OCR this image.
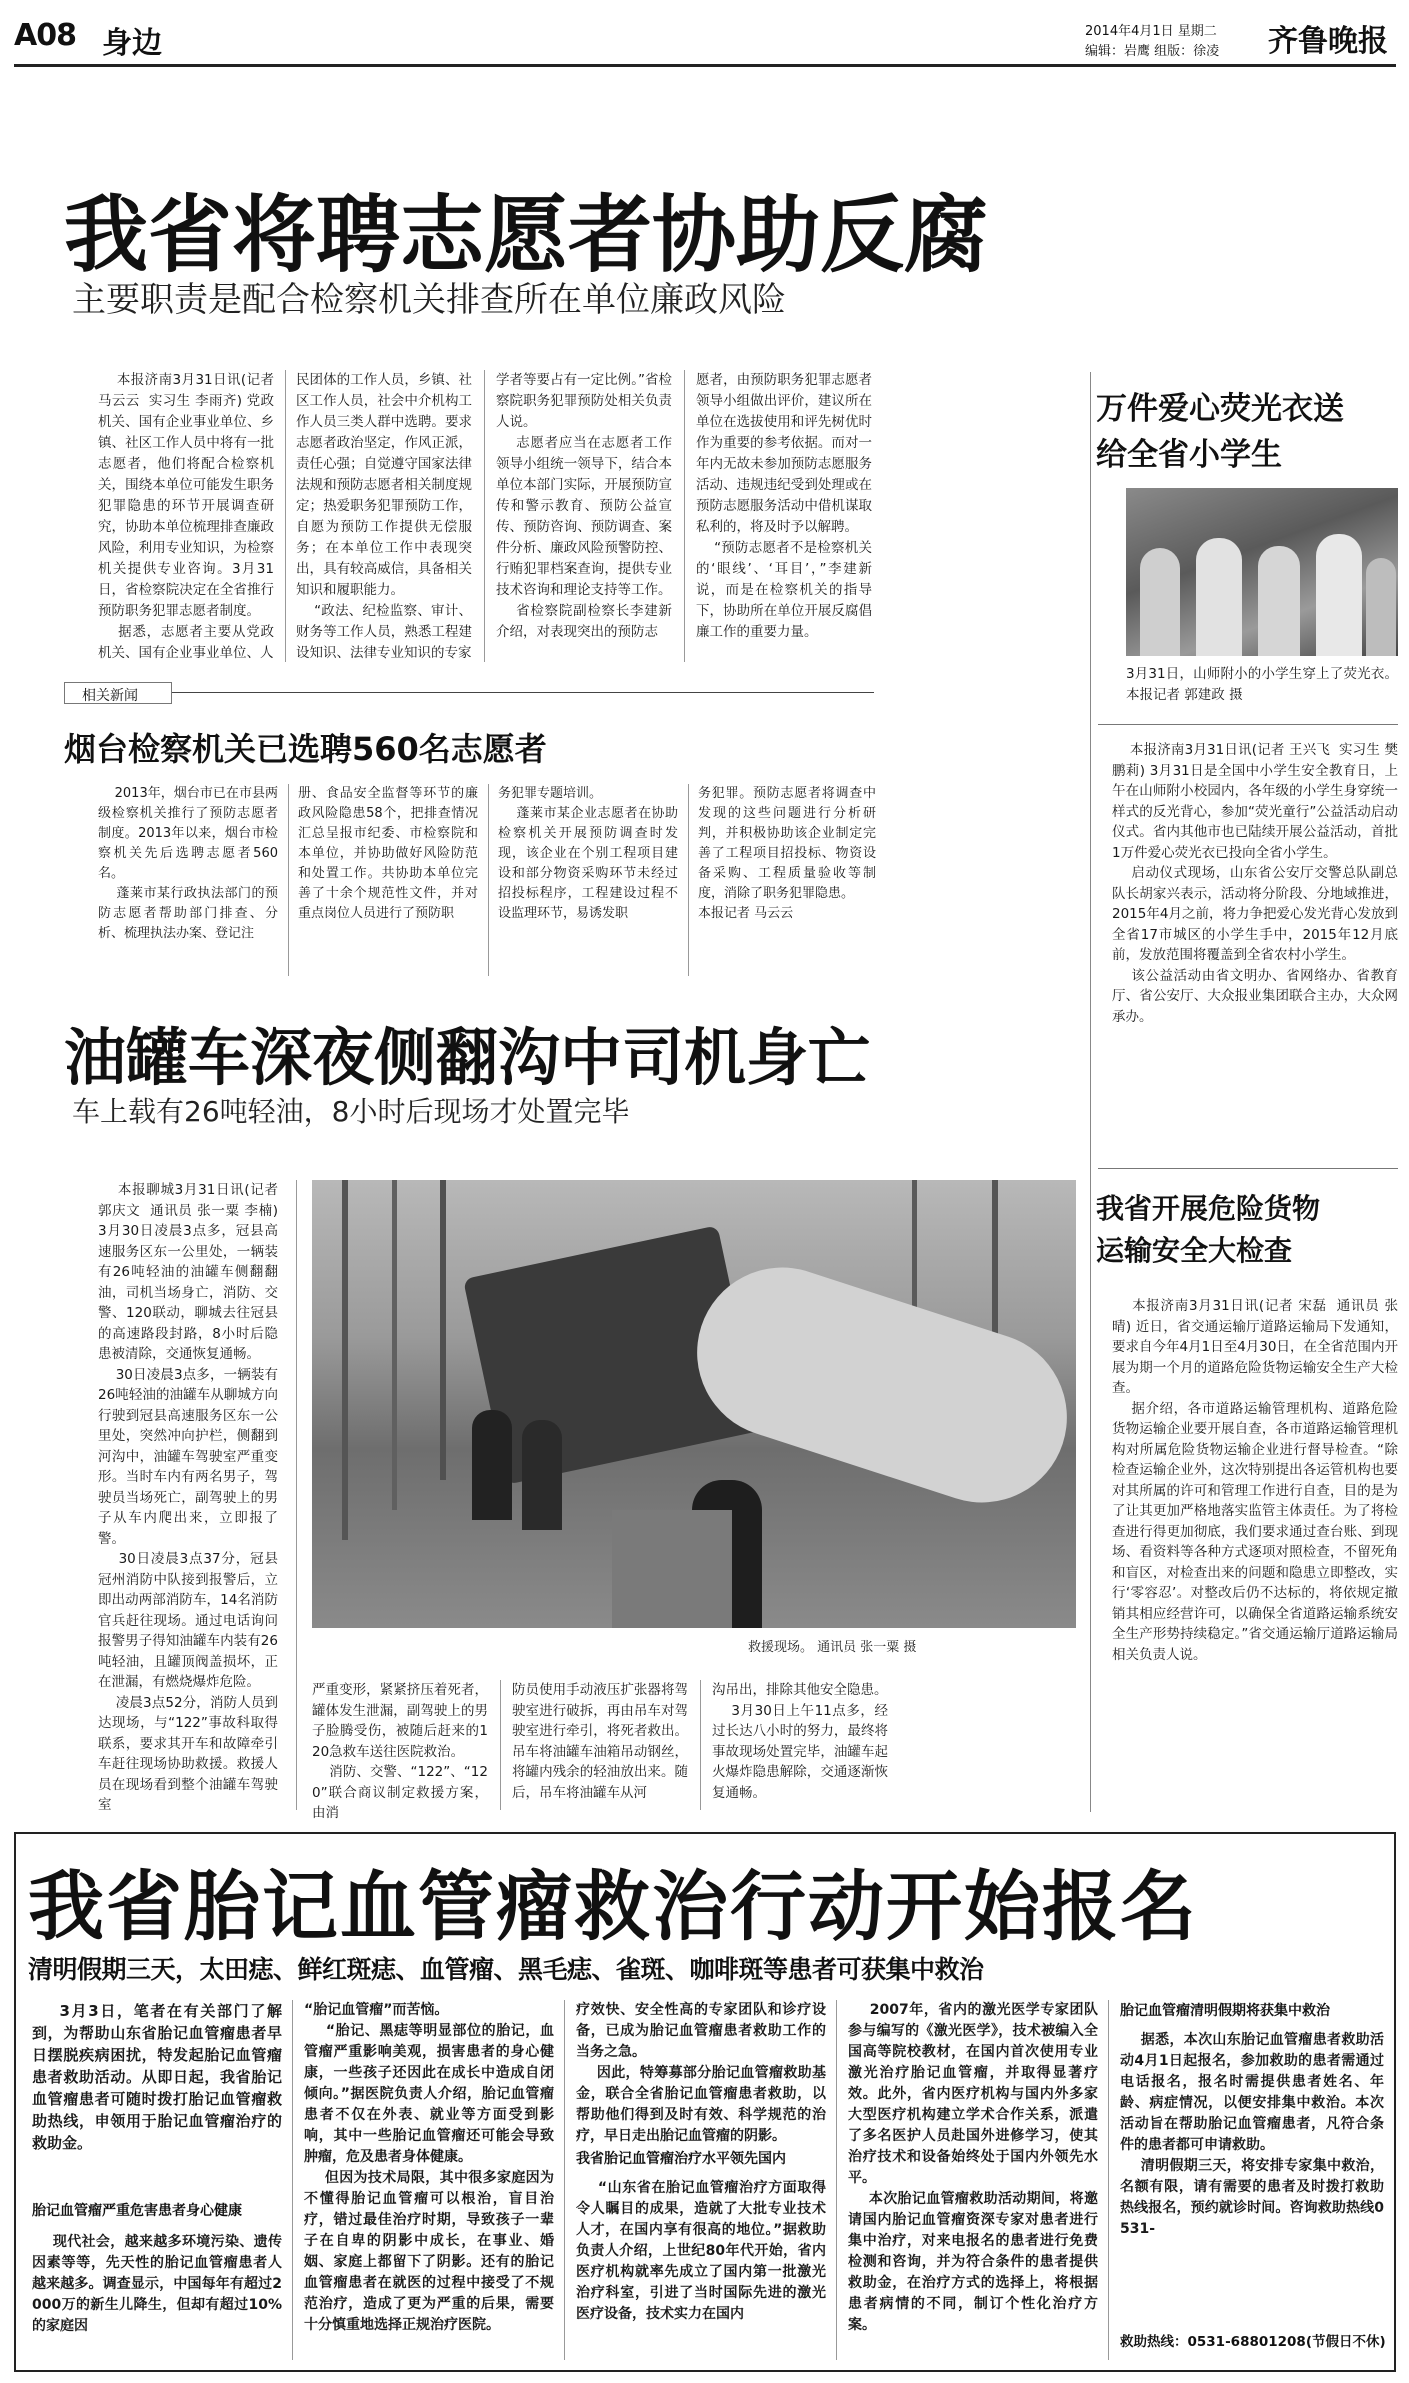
A08 身边	2014年4月1日 星期二
编辑：岩鹰 组版：徐凌 齐鲁晚报
我省将聘志愿者协助反腐
主要职责是配合检察机关排查所在单位廉政风险
本报济南3月31日讯(记者 马云云  实习生 李雨齐) 党政机关、国有企业事业单位、乡镇、社区工作人员中将有一批志愿者，他们将配合检察机关，围绕本单位可能发生职务犯罪隐患的环节开展调查研究，协助本单位梳理排查廉政风险，利用专业知识，为检察机关提供专业咨询。3月31日，省检察院决定在全省推行预防职务犯罪志愿者制度。
据悉，志愿者主要从党政机关、国有企业事业单位、人
民团体的工作人员，乡镇、社区工作人员，社会中介机构工作人员三类人群中选聘。要求志愿者政治坚定，作风正派，责任心强；自觉遵守国家法律法规和预防志愿者相关制度规定；热爱职务犯罪预防工作，自愿为预防工作提供无偿服务；在本单位工作中表现突出，具有较高威信，具备相关知识和履职能力。
“政法、纪检监察、审计、财务等工作人员，熟悉工程建设知识、法律专业知识的专家
学者等要占有一定比例。”省检察院职务犯罪预防处相关负责人说。
志愿者应当在志愿者工作领导小组统一领导下，结合本单位本部门实际，开展预防宣传和警示教育、预防公益宣传、预防咨询、预防调查、案件分析、廉政风险预警防控、行贿犯罪档案查询，提供专业技术咨询和理论支持等工作。
省检察院副检察长李建新介绍，对表现突出的预防志
愿者，由预防职务犯罪志愿者领导小组做出评价，建议所在单位在选拔使用和评先树优时作为重要的参考依据。而对一年内无故未参加预防志愿服务活动、违规违纪受到处理或在预防志愿服务活动中借机谋取私利的，将及时予以解聘。
“预防志愿者不是检察机关的‘眼线’、‘耳目’，”李建新说，而是在检察机关的指导下，协助所在单位开展反腐倡廉工作的重要力量。
相关新闻
烟台检察机关已选聘560名志愿者
2013年，烟台市已在市县两级检察机关推行了预防志愿者制度。2013年以来，烟台市检察机关先后选聘志愿者560名。
蓬莱市某行政执法部门的预防志愿者帮助部门排查、分析、梳理执法办案、登记注
册、食品安全监督等环节的廉政风险隐患58个，把排查情况汇总呈报市纪委、市检察院和本单位，并协助做好风险防范和处置工作。共协助本单位完善了十余个规范性文件，并对重点岗位人员进行了预防职
务犯罪专题培训。
蓬莱市某企业志愿者在协助检察机关开展预防调查时发现，该企业在个别工程项目建设和部分物资采购环节未经过招投标程序，工程建设过程不设监理环节，易诱发职
务犯罪。预防志愿者将调查中发现的这些问题进行分析研判，并积极协助该企业制定完善了工程项目招投标、物资设备采购、工程质量验收等制度，消除了职务犯罪隐患。
本报记者 马云云
万件爱心荧光衣送给全省小学生
3月31日，山师附小的小学生穿上了荧光衣。本报记者 郭建政 摄
本报济南3月31日讯(记者 王兴飞  实习生 樊鹏莉) 3月31日是全国中小学生安全教育日，上午在山师附小校园内，各年级的小学生身穿统一样式的反光背心，参加“荧光童行”公益活动启动仪式。省内其他市也已陆续开展公益活动，首批1万件爱心荧光衣已投向全省小学生。
启动仪式现场，山东省公安厅交警总队副总队长胡家兴表示，活动将分阶段、分地域推进，2015年4月之前，将力争把爱心发光背心发放到全省17市城区的小学生手中，2015年12月底前，发放范围将覆盖到全省农村小学生。
该公益活动由省文明办、省网络办、省教育厅、省公安厅、大众报业集团联合主办，大众网承办。
油罐车深夜侧翻沟中司机身亡
车上载有26吨轻油，8小时后现场才处置完毕
本报聊城3月31日讯(记者 郭庆文  通讯员 张一粟 李楠) 3月30日凌晨3点多，冠县高速服务区东一公里处，一辆装有26吨轻油的油罐车侧翻翻油，司机当场身亡，消防、交警、120联动，聊城去往冠县的高速路段封路，8小时后隐患被清除，交通恢复通畅。
30日凌晨3点多，一辆装有26吨轻油的油罐车从聊城方向行驶到冠县高速服务区东一公里处，突然冲向护栏，侧翻到河沟中，油罐车驾驶室严重变形。当时车内有两名男子，驾驶员当场死亡，副驾驶上的男子从车内爬出来，立即报了警。
30日凌晨3点37分，冠县冠州消防中队接到报警后，立即出动两部消防车，14名消防官兵赶往现场。通过电话询问报警男子得知油罐车内装有26吨轻油，且罐顶阀盖损坏，正在泄漏，有燃烧爆炸危险。
凌晨3点52分，消防人员到达现场，与“122”事故科取得联系，要求其开车和故障牵引车赶往现场协助救援。救援人员在现场看到整个油罐车驾驶室
救援现场。 通讯员 张一粟 摄
严重变形，紧紧挤压着死者，罐体发生泄漏，副驾驶上的男子脸腾受伤，被随后赶来的120急救车送往医院救治。
消防、交警、“122”、“120”联合商议制定救援方案，由消
防员使用手动液压扩张器将驾驶室进行破拆，再由吊车对驾驶室进行牵引，将死者救出。吊车将油罐车油箱吊动钢丝，将罐内残余的轻油放出来。随后，吊车将油罐车从河
沟吊出，排除其他安全隐患。
3月30日上午11点多，经过长达八小时的努力，最终将事故现场处置完毕，油罐车起火爆炸隐患解除，交通逐渐恢复通畅。
我省开展危险货物运输安全大检查
本报济南3月31日讯(记者 宋磊  通讯员 张晴) 近日，省交通运输厅道路运输局下发通知，要求自今年4月1日至4月30日，在全省范围内开展为期一个月的道路危险货物运输安全生产大检查。
据介绍，各市道路运输管理机构、道路危险货物运输企业要开展自查，各市道路运输管理机构对所属危险货物运输企业进行督导检查。“除检查运输企业外，这次特别提出各运管机构也要对其所属的许可和管理工作进行自查，目的是为了让其更加严格地落实监管主体责任。为了将检查进行得更加彻底，我们要求通过查台账、到现场、看资料等各种方式逐项对照检查，不留死角和盲区，对检查出来的问题和隐患立即整改，实行‘零容忍’。对整改后仍不达标的，将依规定撤销其相应经营许可，以确保全省道路运输系统安全生产形势持续稳定。”省交通运输厅道路运输局相关负责人说。
我省胎记血管瘤救治行动开始报名
清明假期三天，太田痣、鲜红斑痣、血管瘤、黑毛痣、雀斑、咖啡斑等患者可获集中救治
3月3日，笔者在有关部门了解到，为帮助山东省胎记血管瘤患者早日摆脱疾病困扰，特发起胎记血管瘤患者救助活动。从即日起，我省胎记血管瘤患者可随时拨打胎记血管瘤救助热线，申领用于胎记血管瘤治疗的救助金。
胎记血管瘤严重危害患者身心健康
现代社会，越来越多环境污染、遗传因素等等，先天性的胎记血管瘤患者人越来越多。调查显示，中国每年有超过2000万的新生儿降生，但却有超过10%的家庭因
“胎记血管瘤”而苦恼。
“胎记、黑痣等明显部位的胎记，血管瘤严重影响美观，损害患者的身心健康，一些孩子还因此在成长中造成自闭倾向。”据医院负责人介绍，胎记血管瘤患者不仅在外表、就业等方面受到影响，其中一些胎记血管瘤还可能会导致肿瘤，危及患者身体健康。
但因为技术局限，其中很多家庭因为不懂得胎记血管瘤可以根治，盲目治疗，错过最佳治疗时期，导致孩子一辈子在自卑的阴影中成长，在事业、婚姻、家庭上都留下了阴影。还有的胎记血管瘤患者在就医的过程中接受了不规范治疗，造成了更为严重的后果，需要十分慎重地选择正规治疗医院。
疗效快、安全性高的专家团队和诊疗设备，已成为胎记血管瘤患者救助工作的当务之急。
因此，特筹募部分胎记血管瘤救助基金，联合全省胎记血管瘤患者救助，以帮助他们得到及时有效、科学规范的治疗，早日走出胎记血管瘤的阴影。
我省胎记血管瘤治疗水平领先国内
“山东省在胎记血管瘤治疗方面取得令人瞩目的成果，造就了大批专业技术人才，在国内享有很高的地位。”据救助负责人介绍，上世纪80年代开始，省内医疗机构就率先成立了国内第一批激光治疗科室，引进了当时国际先进的激光医疗设备，技术实力在国内
2007年，省内的激光医学专家团队参与编写的《激光医学》，技术被编入全国高等院校教材，在国内首次使用专业激光治疗胎记血管瘤，并取得显著疗效。此外，省内医疗机构与国内外多家大型医疗机构建立学术合作关系，派遣了多名医护人员赴国外进修学习，使其治疗技术和设备始终处于国内外领先水平。
本次胎记血管瘤救助活动期间，将邀请国内胎记血管瘤资深专家对患者进行集中治疗，对来电报名的患者进行免费检测和咨询，并为符合条件的患者提供救助金，在治疗方式的选择上，将根据患者病情的不同，制订个性化治疗方案。
胎记血管瘤清明假期将获集中救治
据悉，本次山东胎记血管瘤患者救助活动4月1日起报名，参加救助的患者需通过电话报名，报名时需提供患者姓名、年龄、病症情况，以便安排集中救治。本次活动旨在帮助胎记血管瘤患者，凡符合条件的患者都可申请救助。
清明假期三天，将安排专家集中救治，名额有限，请有需要的患者及时拨打救助热线报名，预约就诊时间。咨询救助热线0531-
救助热线：0531-68801208(节假日不休)
